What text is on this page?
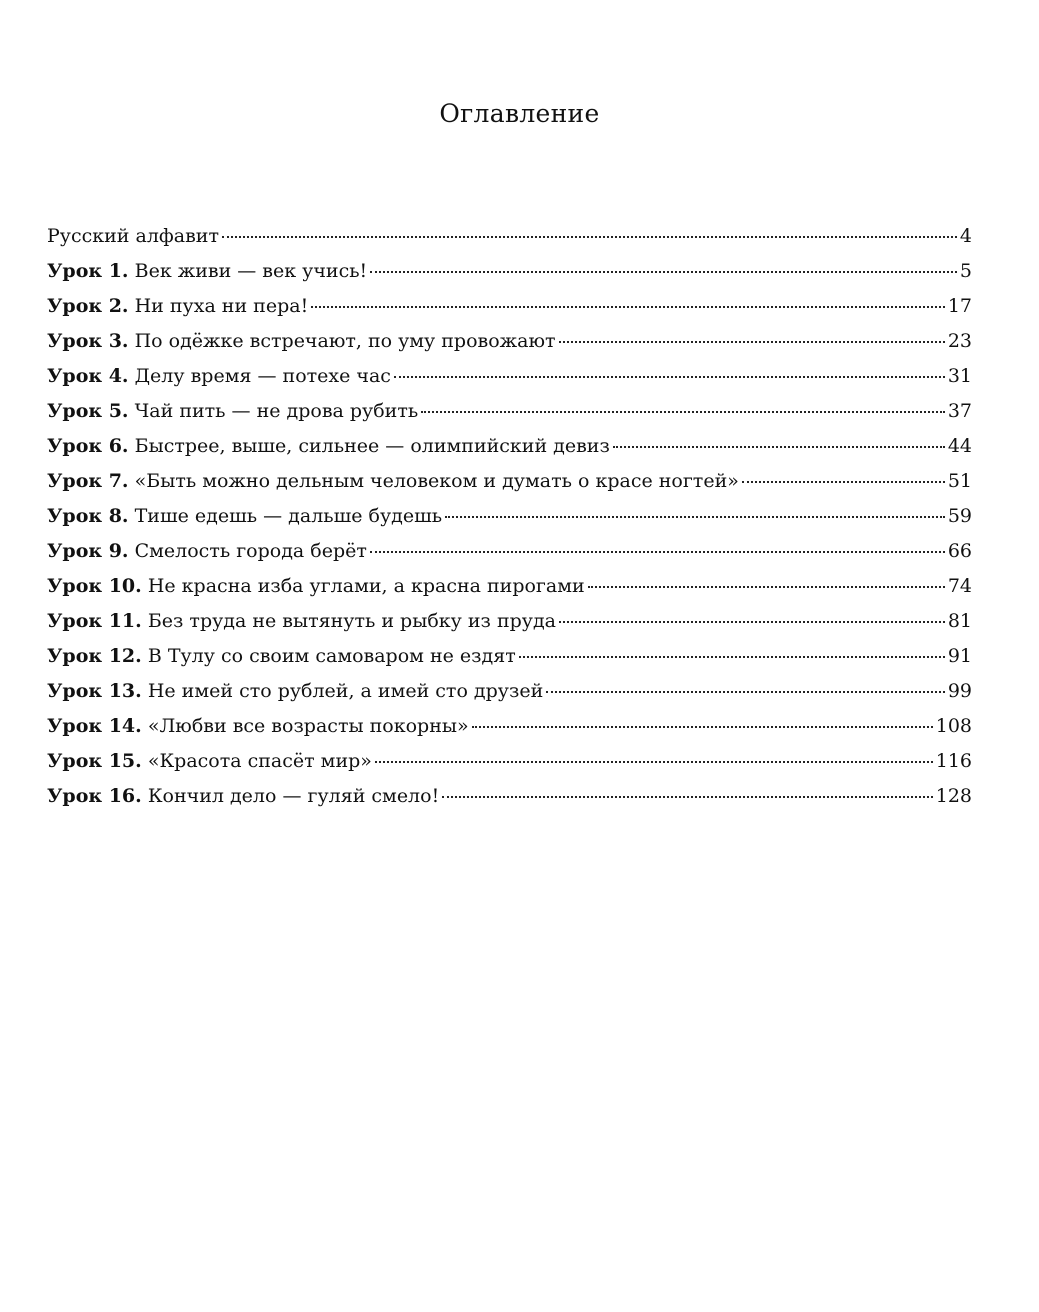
Оглавление
Русский алфавит	4
Урок 1. Век живи — век учись!	5
Урок 2. Ни пуха ни пера!	17
Урок 3. По одёжке встречают, по уму провожают	23
Урок 4. Делу время — потехе час	31
Урок 5. Чай пить — не дрова рубить	37
Урок 6. Быстрее, выше, сильнее — олимпийский девиз	44
Урок 7. «Быть можно дельным человеком и думать о красе ногтей»	51
Урок 8. Тише едешь — дальше будешь	59
Урок 9. Смелость города берёт	66
Урок 10. Не красна изба углами, а красна пирогами	74
Урок 11. Без труда не вытянуть и рыбку из пруда	81
Урок 12. В Тулу со своим самоваром не ездят	91
Урок 13. Не имей сто рублей, а имей сто друзей	99
Урок 14. «Любви все возрасты покорны»	108
Урок 15. «Красота спасёт мир»	116
Урок 16. Кончил дело — гуляй смело!	128
